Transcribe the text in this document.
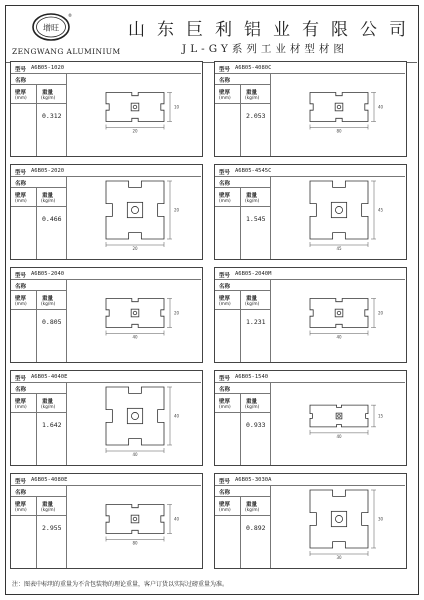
增旺
®
ZENGWANG ALUMINIUM
山东巨利铝业有限公司
JL-GY系列工业材型材图
型号 A6B05-1020
名称
壁厚
(mm)
重量
(kg/m)
0.312
20
10
型号 A6B05-4080C
名称
壁厚
(mm)
重量
(kg/m)
2.053
80
40
型号 A6B05-2020
名称
壁厚
(mm)
重量
(kg/m)
0.466
20
20
型号 A6B05-4545C
名称
壁厚
(mm)
重量
(kg/m)
1.545
45
45
型号 A6B05-2040
名称
壁厚
(mm)
重量
(kg/m)
0.805
40
20
型号 A6B05-2040M
名称
壁厚
(mm)
重量
(kg/m)
1.231
40
20
型号 A6B05-4040E
名称
壁厚
(mm)
重量
(kg/m)
1.642
40
40
型号 A6B05-1540
名称
壁厚
(mm)
重量
(kg/m)
0.933
40
15
型号 A6B05-4080E
名称
壁厚
(mm)
重量
(kg/m)
2.955
80
40
型号 A6B05-3030A
名称
壁厚
(mm)
重量
(kg/m)
0.892
30
30
注：图表中标明的重量为不含包装物的理论重量，客户订货以实际过磅重量为准。
